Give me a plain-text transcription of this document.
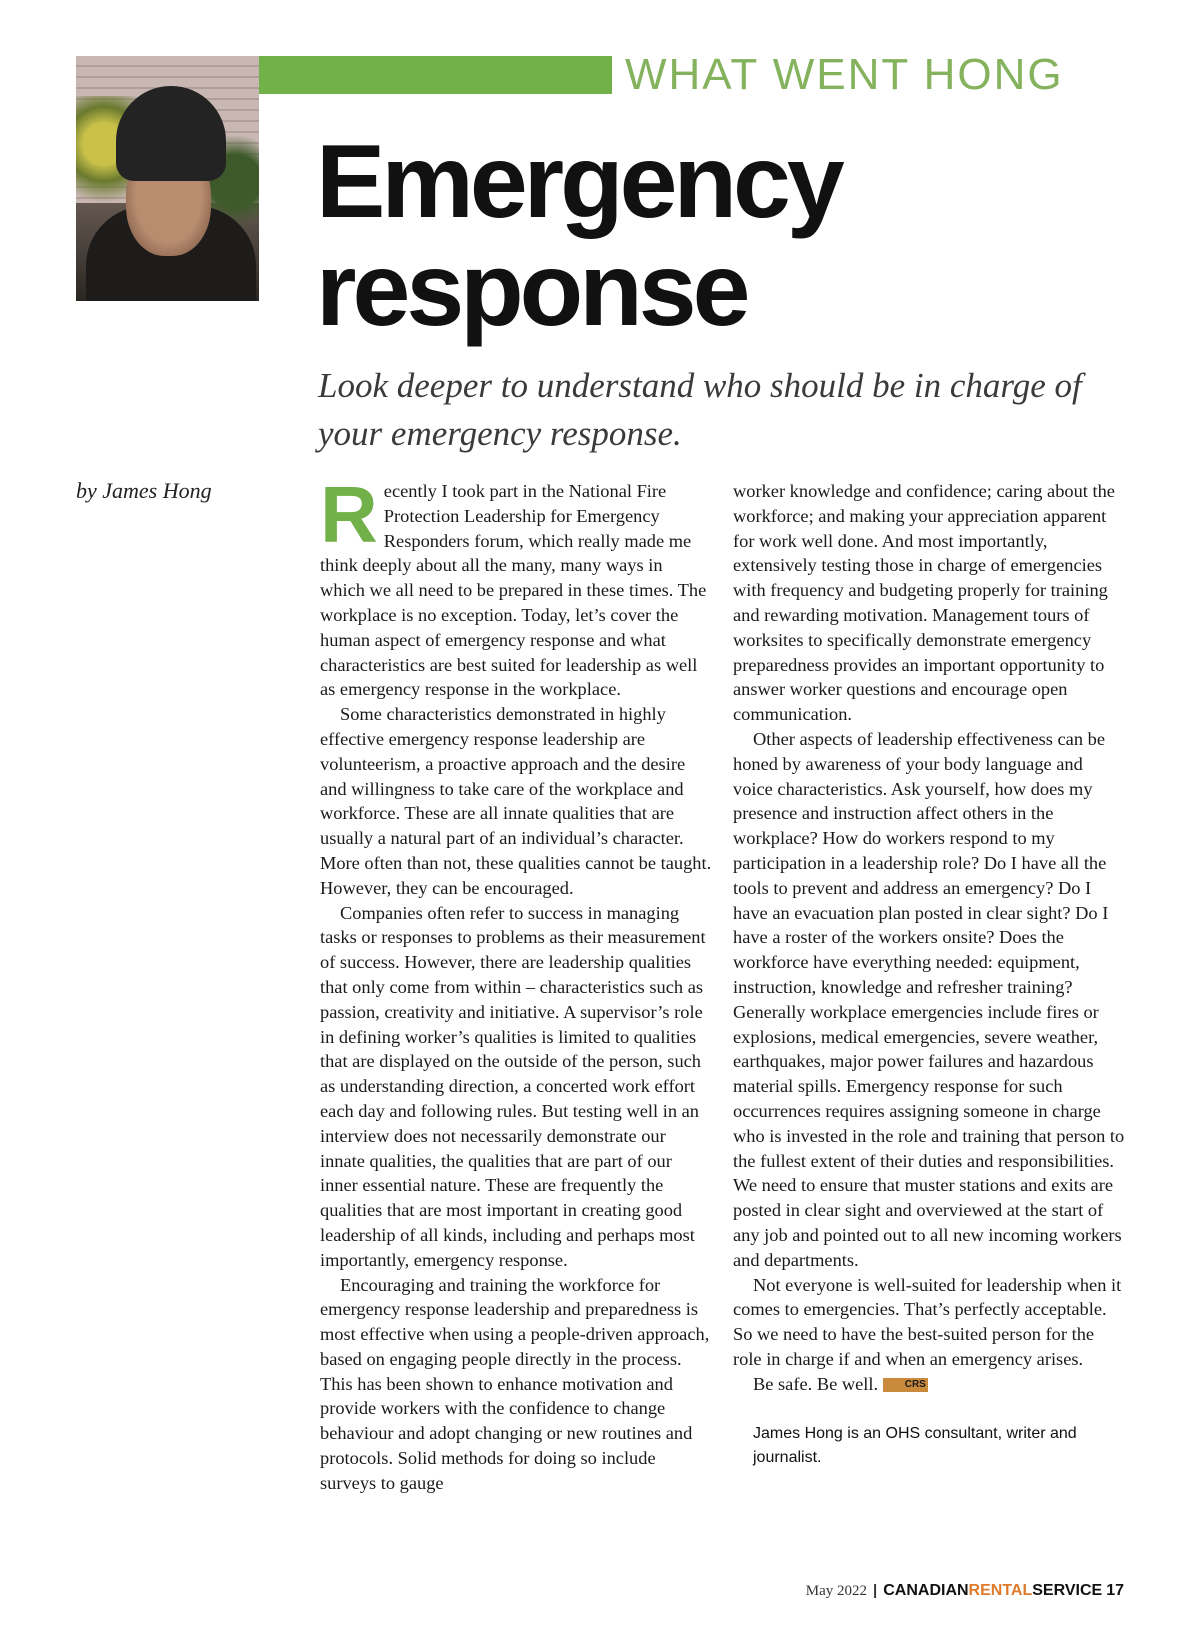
WHAT WENT HONG
Emergency
response
Look deeper to understand who should be in charge of your emergency response.
by James Hong	Recently I took part in the National Fire Protection Leadership for Emergency Responders forum, which really made me think deeply about all the many, many ways in which we all need to be prepared in these times. The workplace is no exception. Today, let’s cover the human aspect of emergency response and what characteristics are best suited for leadership as well as emergency response in the workplace.

Some characteristics demonstrated in highly effective emergency response leadership are volunteerism, a proactive approach and the desire and willingness to take care of the workplace and workforce. These are all innate qualities that are usually a natural part of an individual’s character. More often than not, these qualities cannot be taught. However, they can be encouraged.

Companies often refer to success in managing tasks or responses to problems as their measurement of success. However, there are leadership qualities that only come from within – characteristics such as passion, creativity and initiative. A supervisor’s role in defining worker’s qualities is limited to qualities that are displayed on the outside of the person, such as understanding direction, a concerted work effort each day and following rules. But testing well in an interview does not necessarily demonstrate our innate qualities, the qualities that are part of our inner essential nature. These are frequently the qualities that are most important in creating good leadership of all kinds, including and perhaps most importantly, emergency response.

Encouraging and training the workforce for emergency response leadership and preparedness is most effective when using a people-driven approach, based on engaging people directly in the process. This has been shown to enhance motivation and provide workers with the confidence to change behaviour and adopt changing or new routines and protocols. Solid methods for doing so include surveys to gauge

worker knowledge and confidence; caring about the workforce; and making your appreciation apparent for work well done. And most importantly, extensively testing those in charge of emergencies with frequency and budgeting properly for training and rewarding motivation. Management tours of worksites to specifically demonstrate emergency preparedness provides an important opportunity to answer worker questions and encourage open communication.

Other aspects of leadership effectiveness can be honed by awareness of your body language and voice characteristics. Ask yourself, how does my presence and instruction affect others in the workplace? How do workers respond to my participation in a leadership role? Do I have all the tools to prevent and address an emergency? Do I have an evacuation plan posted in clear sight? Do I have a roster of the workers onsite? Does the workforce have everything needed: equipment, instruction, knowledge and refresher training? Generally workplace emergencies include fires or explosions, medical emergencies, severe weather, earthquakes, major power failures and hazardous material spills. Emergency response for such occurrences requires assigning someone in charge who is invested in the role and training that person to the fullest extent of their duties and responsibilities. We need to ensure that muster stations and exits are posted in clear sight and overviewed at the start of any job and pointed out to all new incoming workers and departments.

Not everyone is well-suited for leadership when it comes to emergencies. That’s perfectly acceptable. So we need to have the best-suited person for the role in charge if and when an emergency arises.

Be safe. Be well.	CRS

James Hong is an OHS consultant, writer and journalist.
May 2022 | CANADIANRENTALSERVICE 17
